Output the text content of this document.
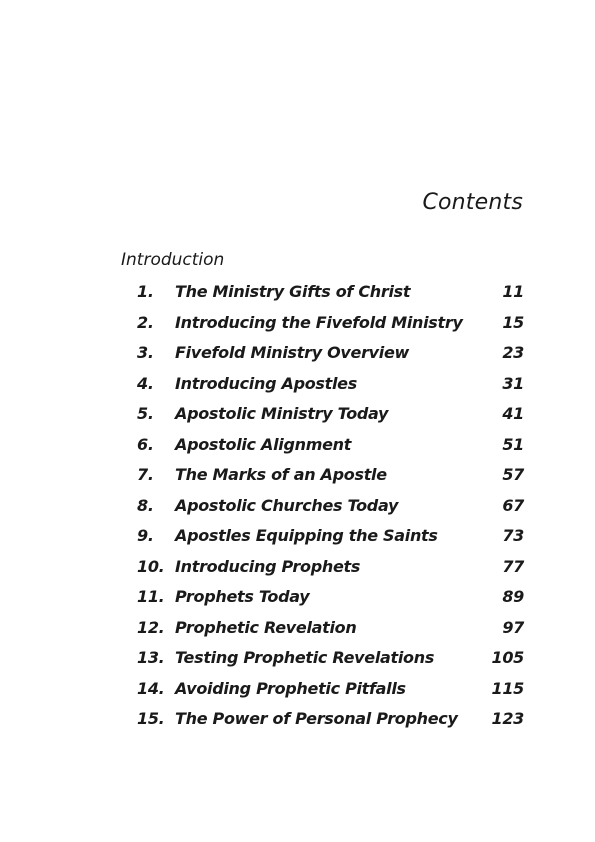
Contents
Introduction
1. The Ministry Gifts of Christ	11
2. Introducing the Fivefold Ministry 15
3. Fivefold Ministry Overview	23
4. Introducing Apostles	31
5. Apostolic Ministry Today	41
6. Apostolic Alignment	51
7. The Marks of an Apostle	57
8. Apostolic Churches Today	67
9. Apostles Equipping the Saints	73
10. Introducing Prophets	77
11. Prophets Today	89
12. Prophetic Revelation	97
13. Testing Prophetic Revelations	105
14. Avoiding Prophetic Pitfalls	115
15. The Power of Personal Prophecy 123
